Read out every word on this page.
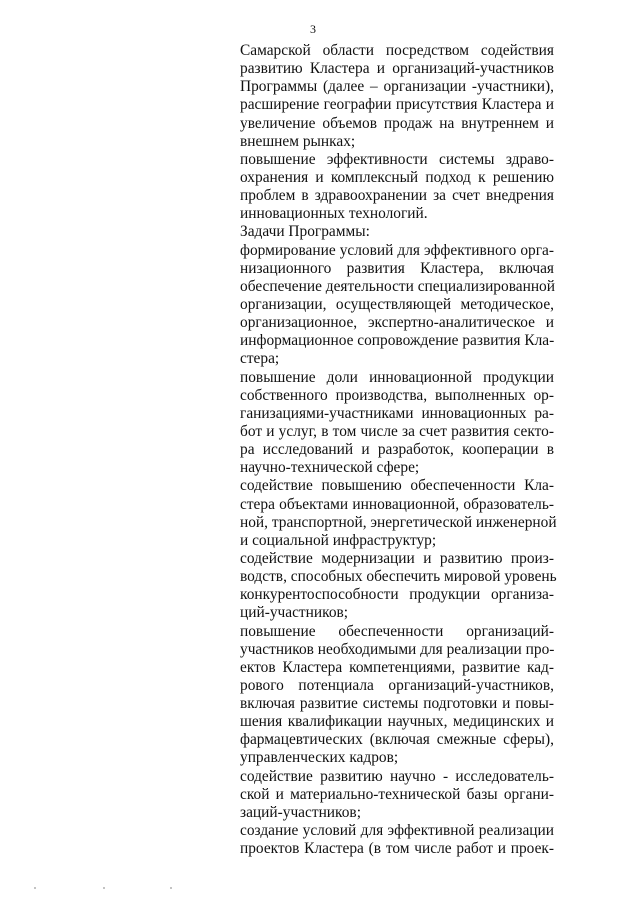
3
Самарской области посредством содействия
развитию Кластера и организаций-участников
Программы (далее – организации -участники),
расширение географии присутствия Кластера и
увеличение объемов продаж на внутреннем и
внешнем рынках;
повышение эффективности системы здраво-
охранения и комплексный подход к решению
проблем в здравоохранении за счет внедрения
инновационных технологий.
Задачи Программы:
формирование условий для эффективного орга-
низационного развития Кластера, включая
обеспечение деятельности специализированной
организации, осуществляющей методическое,
организационное, экспертно-аналитическое и
информационное сопровождение развития Кла-
стера;
повышение доли инновационной продукции
собственного производства, выполненных ор-
ганизациями-участниками инновационных ра-
бот и услуг, в том числе за счет развития секто-
ра исследований и разработок, кооперации в
научно-технической сфере;
содействие повышению обеспеченности Кла-
стера объектами инновационной, образователь-
ной, транспортной, энергетической инженерной
и социальной инфраструктур;
содействие модернизации и развитию произ-
водств, способных обеспечить мировой уровень
конкурентоспособности продукции организа-
ций-участников;
повышение обеспеченности организаций-
участников необходимыми для реализации про-
ектов Кластера компетенциями, развитие кад-
рового потенциала организаций-участников,
включая развитие системы подготовки и повы-
шения квалификации научных, медицинских и
фармацевтических (включая смежные сферы),
управленческих кадров;
содействие развитию научно - исследователь-
ской и материально-технической базы органи-
заций-участников;
создание условий для эффективной реализации
проектов Кластера (в том числе работ и проек-
